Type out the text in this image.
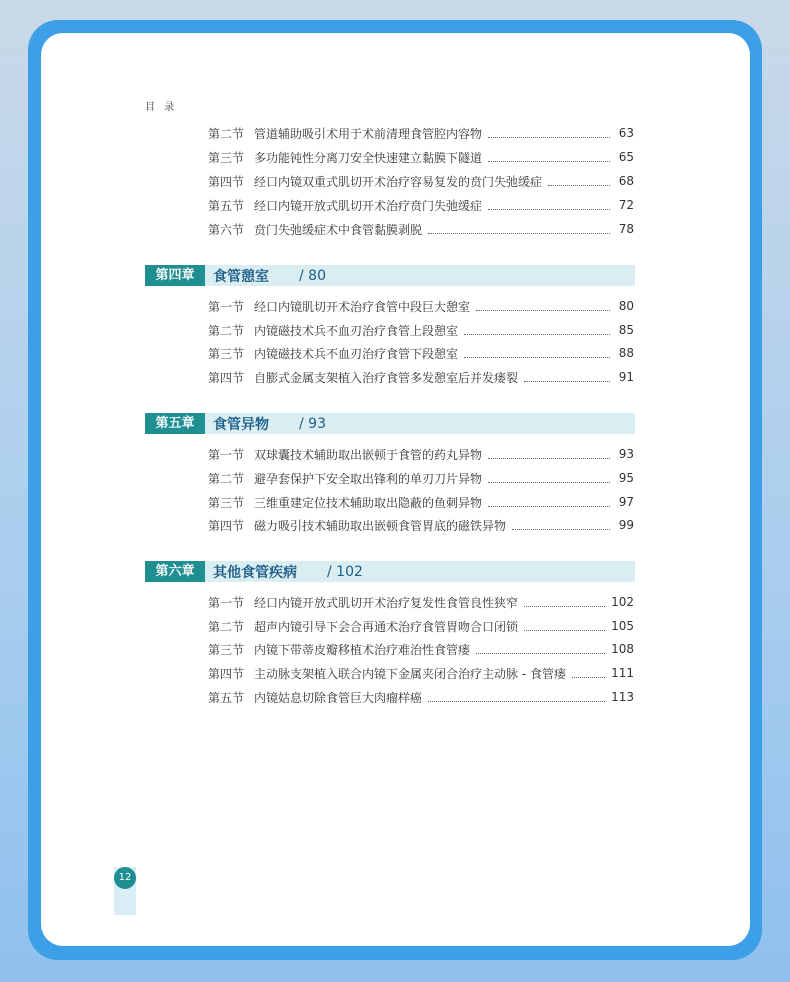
目 录
第二节 管道辅助吸引术用于术前清理食管腔内容物	63
第三节 多功能钝性分离刀安全快速建立黏膜下隧道	65
第四节 经口内镜双重式肌切开术治疗容易复发的贲门失弛缓症	68
第五节 经口内镜开放式肌切开术治疗贲门失弛缓症	72
第六节 贲门失弛缓症术中食管黏膜剥脱	78
第四章	食管憩室 / 80
第一节 经口内镜肌切开术治疗食管中段巨大憩室	80
第二节 内镜磁技术兵不血刃治疗食管上段憩室	85
第三节 内镜磁技术兵不血刃治疗食管下段憩室	88
第四节 自膨式金属支架植入治疗食管多发憩室后并发瘘裂	91
第五章	食管异物 / 93
第一节 双球囊技术辅助取出嵌顿于食管的药丸异物	93
第二节 避孕套保护下安全取出锋利的单刃刀片异物	95
第三节 三维重建定位技术辅助取出隐蔽的鱼刺异物	97
第四节 磁力吸引技术辅助取出嵌顿食管胃底的磁铁异物	99
第六章	其他食管疾病 / 102
第一节 经口内镜开放式肌切开术治疗复发性食管良性狭窄	102
第二节 超声内镜引导下会合再通术治疗食管胃吻合口闭锁	105
第三节 内镜下带蒂皮瓣移植术治疗难治性食管瘘	108
第四节 主动脉支架植入联合内镜下金属夹闭合治疗主动脉 - 食管瘘	111
第五节 内镜姑息切除食管巨大肉瘤样癌	113
12
